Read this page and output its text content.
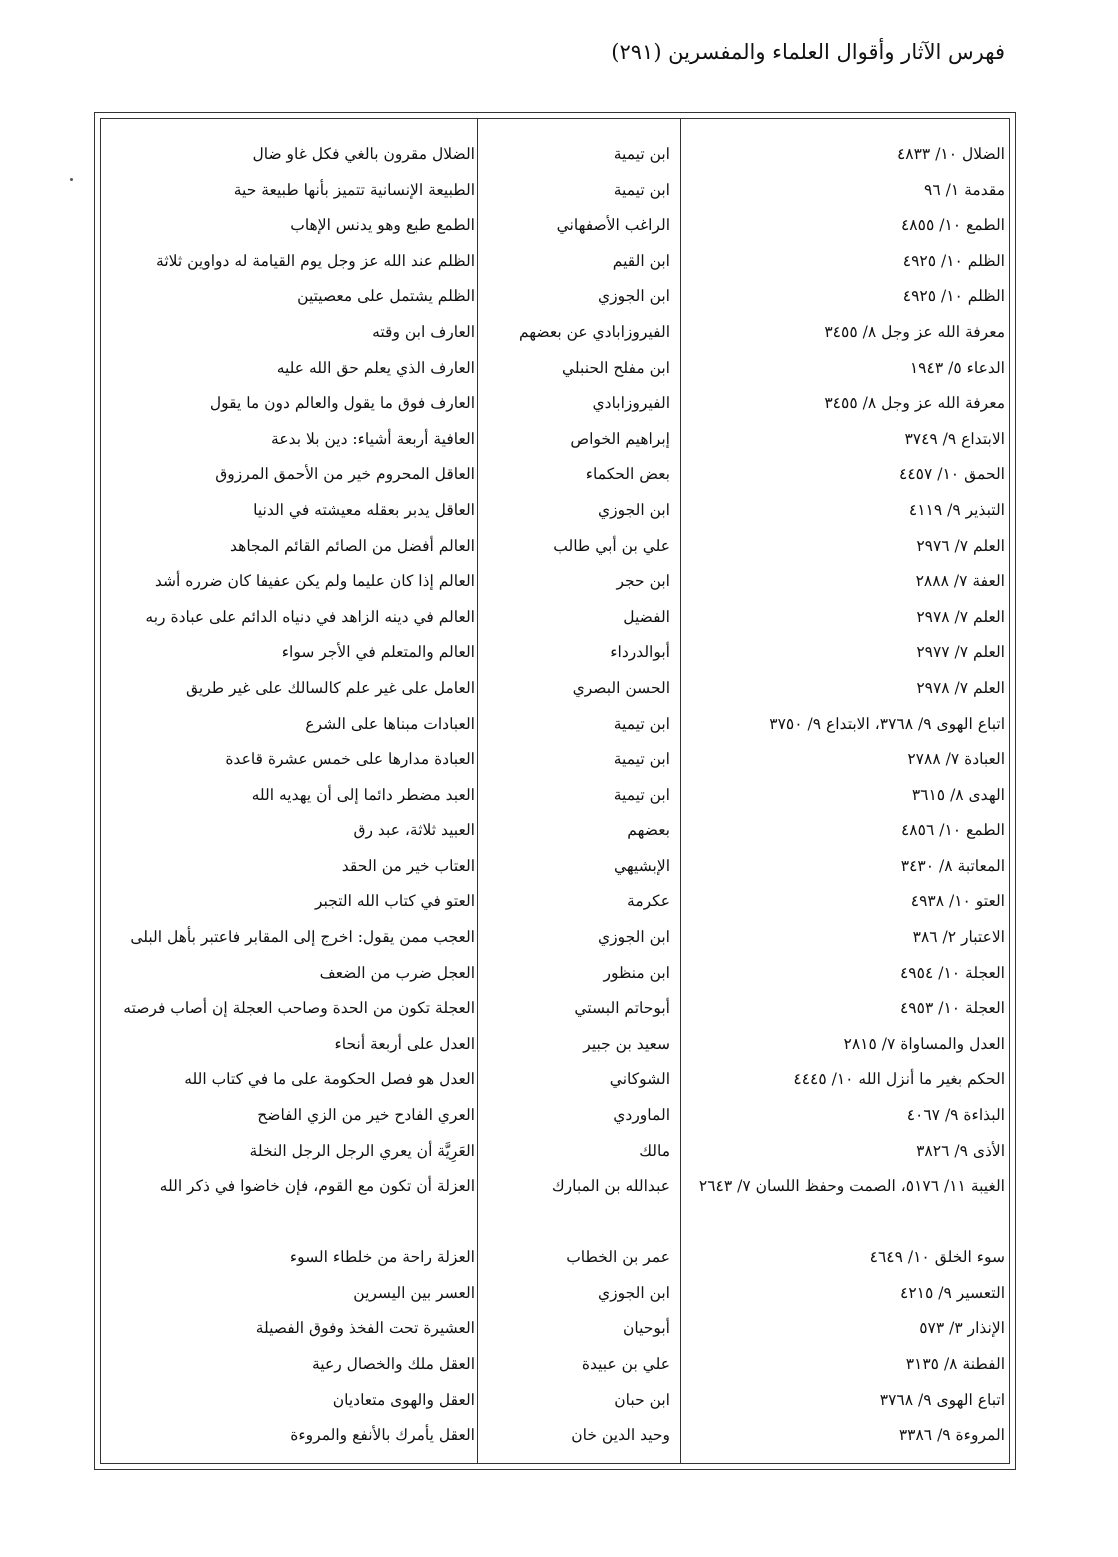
فهرس الآثار وأقوال العلماء والمفسرين (٢٩١)
الضلال مقرون بالغي فكل غاو ضال	ابن تيمية	الضلال ١٠/ ٤٨٣٣
الطبيعة الإنسانية تتميز بأنها طبيعة حية	ابن تيمية	مقدمة ١/ ٩٦
الطمع طبع وهو يدنس الإهاب	الراغب الأصفهاني	الطمع ١٠/ ٤٨٥٥
الظلم عند الله عز وجل يوم القيامة له دواوين ثلاثة	ابن القيم	الظلم ١٠/ ٤٩٢٥
الظلم يشتمل على معصيتين	ابن الجوزي	الظلم ١٠/ ٤٩٢٥
العارف ابن وقته	الفيروزابادي عن بعضهم	معرفة الله عز وجل ٨/ ٣٤٥٥
العارف الذي يعلم حق الله عليه	ابن مفلح الحنبلي	الدعاء ٥/ ١٩٤٣
العارف فوق ما يقول والعالم دون ما يقول	الفيروزابادي	معرفة الله عز وجل ٨/ ٣٤٥٥
العافية أربعة أشياء: دين بلا بدعة	إبراهيم الخواص	الابتداع ٩/ ٣٧٤٩
العاقل المحروم خير من الأحمق المرزوق	بعض الحكماء	الحمق ١٠/ ٤٤٥٧
العاقل يدبر بعقله معيشته في الدنيا	ابن الجوزي	التبذير ٩/ ٤١١٩
العالم أفضل من الصائم القائم المجاهد	علي بن أبي طالب	العلم ٧/ ٢٩٧٦
العالم إذا كان عليما ولم يكن عفيفا كان ضرره أشد	ابن حجر	العفة ٧/ ٢٨٨٨
العالم في دينه الزاهد في دنياه الدائم على عبادة ربه	الفضيل	العلم ٧/ ٢٩٧٨
العالم والمتعلم في الأجر سواء	أبوالدرداء	العلم ٧/ ٢٩٧٧
العامل على غير علم كالسالك على غير طريق	الحسن البصري	العلم ٧/ ٢٩٧٨
العبادات مبناها على الشرع	ابن تيمية	اتباع الهوى ٩/ ٣٧٦٨، الابتداع ٩/ ٣٧٥٠
العبادة مدارها على خمس عشرة قاعدة	ابن تيمية	العبادة ٧/ ٢٧٨٨
العبد مضطر دائما إلى أن يهديه الله	ابن تيمية	الهدى ٨/ ٣٦١٥
العبيد ثلاثة، عبد رق	بعضهم	الطمع ١٠/ ٤٨٥٦
العتاب خير من الحقد	الإبشيهي	المعاتبة ٨/ ٣٤٣٠
العتو في كتاب الله التجبر	عكرمة	العتو ١٠/ ٤٩٣٨
العجب ممن يقول: اخرج إلى المقابر فاعتبر بأهل البلى	ابن الجوزي	الاعتبار ٢/ ٣٨٦
العجل ضرب من الضعف	ابن منظور	العجلة ١٠/ ٤٩٥٤
العجلة تكون من الحدة وصاحب العجلة إن أصاب فرصته	أبوحاتم البستي	العجلة ١٠/ ٤٩٥٣
العدل على أربعة أنحاء	سعيد بن جبير	العدل والمساواة ٧/ ٢٨١٥
العدل هو فصل الحكومة على ما في كتاب الله	الشوكاني	الحكم بغير ما أنزل الله ١٠/ ٤٤٤٥
العري الفادح خير من الزي الفاضح	الماوردي	البذاءة ٩/ ٤٠٦٧
العَرِيَّة أن يعري الرجل الرجل النخلة	مالك	الأذى ٩/ ٣٨٢٦
العزلة أن تكون مع القوم، فإن خاضوا في ذكر الله	عبدالله بن المبارك	الغيبة ١١/ ٥١٧٦، الصمت وحفظ اللسان ٧/ ٢٦٤٣
العزلة راحة من خلطاء السوء	عمر بن الخطاب	سوء الخلق ١٠/ ٤٦٤٩
العسر بين اليسرين	ابن الجوزي	التعسير ٩/ ٤٢١٥
العشيرة تحت الفخذ وفوق الفصيلة	أبوحيان	الإنذار ٣/ ٥٧٣
العقل ملك والخصال رعية	علي بن عبيدة	الفطنة ٨/ ٣١٣٥
العقل والهوى متعاديان	ابن حبان	اتباع الهوى ٩/ ٣٧٦٨
العقل يأمرك بالأنفع والمروءة	وحيد الدين خان	المروءة ٩/ ٣٣٨٦
